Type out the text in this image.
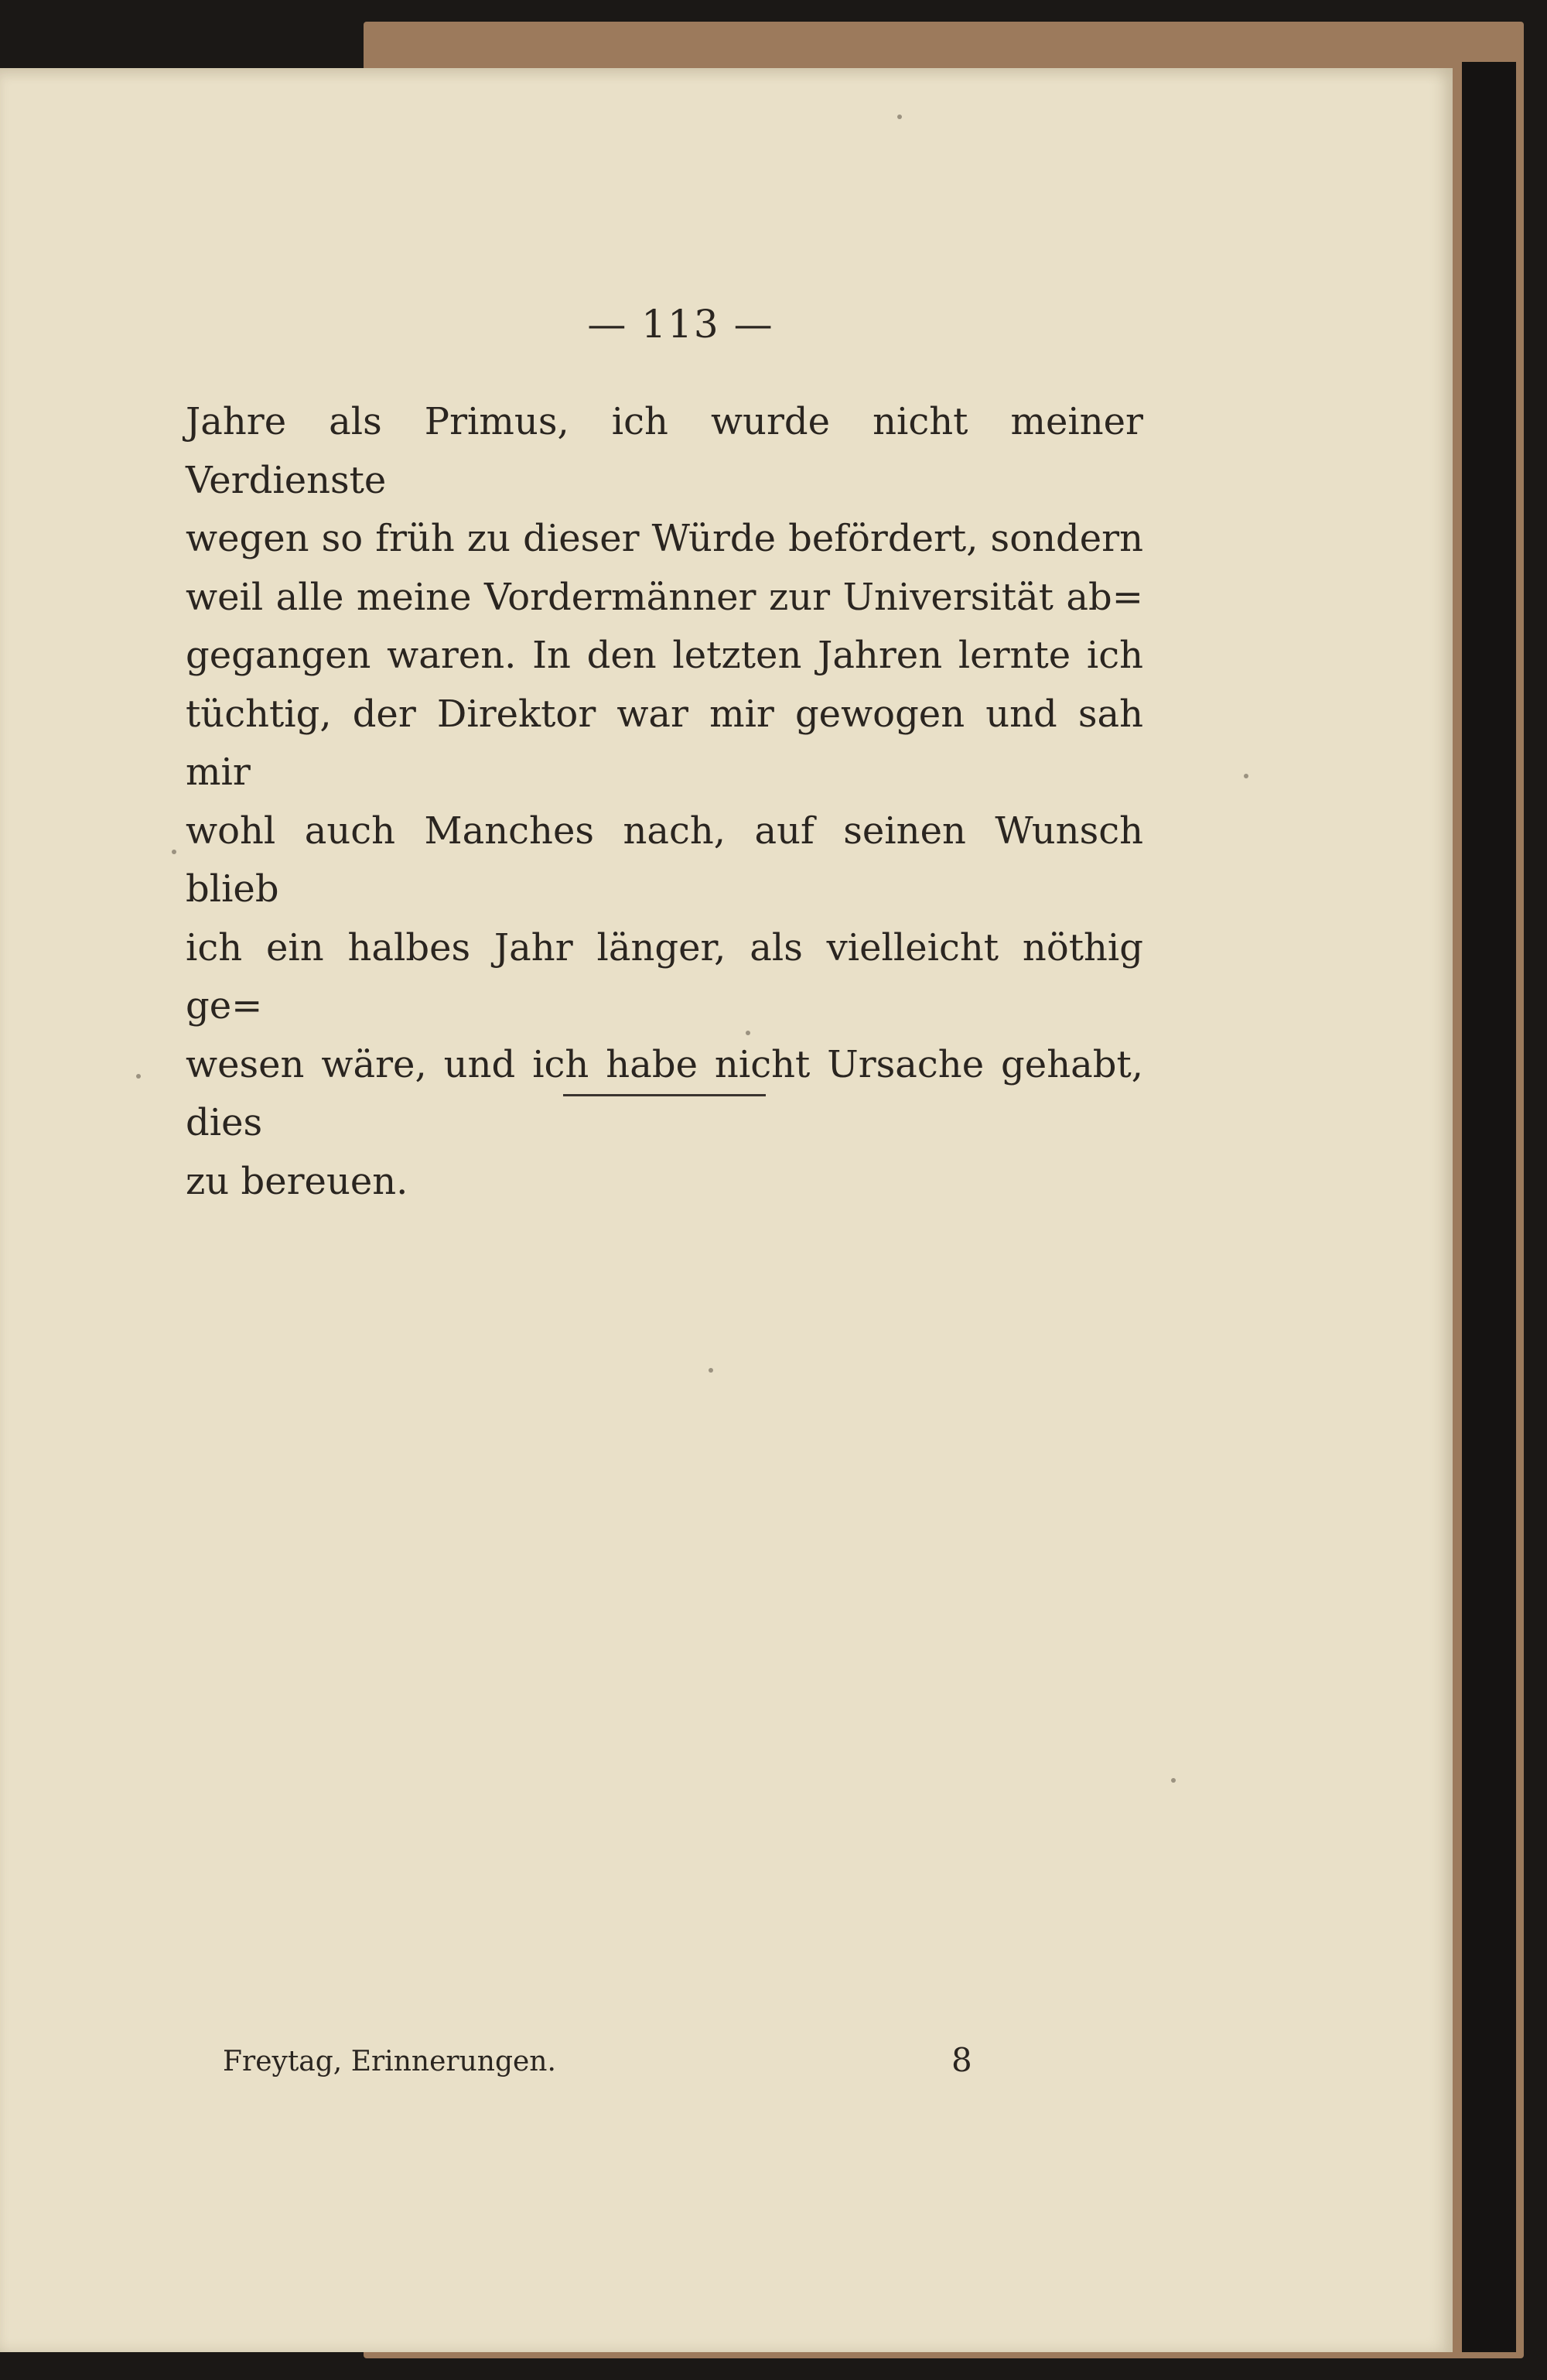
— 113 —

Jahre als Primus, ich wurde nicht meiner Verdienste
wegen so früh zu dieser Würde befördert, sondern
weil alle meine Vordermänner zur Universität ab=
gegangen waren. In den letzten Jahren lernte ich
tüchtig, der Direktor war mir gewogen und sah mir
wohl auch Manches nach, auf seinen Wunsch blieb
ich ein halbes Jahr länger, als vielleicht nöthig ge=
wesen wäre, und ich habe nicht Ursache gehabt, dies
zu bereuen.

Freytag, Erinnerungen.	8
